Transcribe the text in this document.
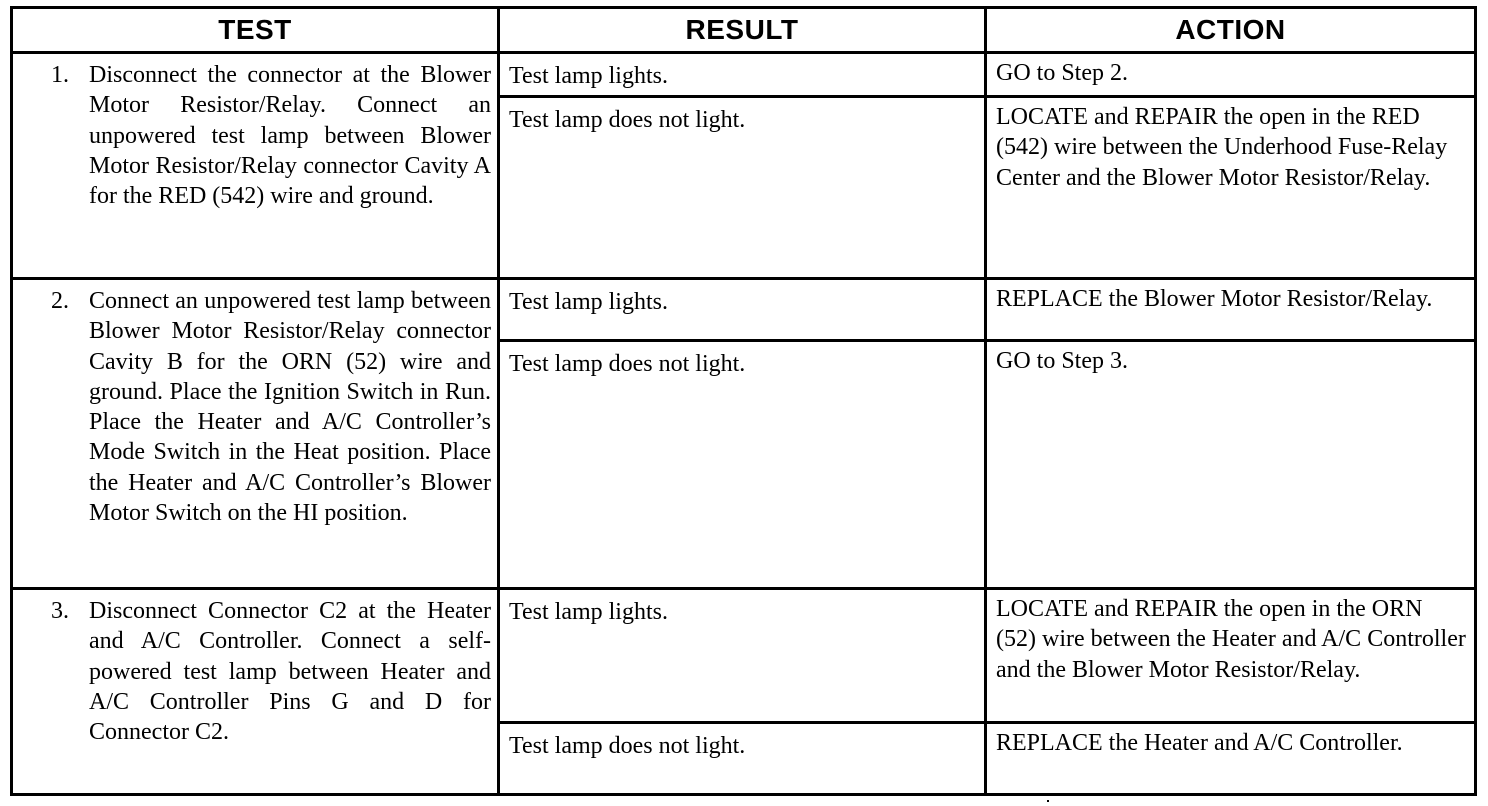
TEST	RESULT	ACTION

1. Disconnect the connector at the Blower Motor Resistor/Relay. Connect an unpowered test lamp between Blower Motor Resistor/Relay connector Cavity A for the RED (542) wire and ground.	Test lamp lights.	GO to Step 2.
	Test lamp does not light.	LOCATE and REPAIR the open in the RED (542) wire between the Underhood Fuse-Relay Center and the Blower Motor Resistor/Relay.

2. Connect an unpowered test lamp between Blower Motor Resistor/Relay connector Cavity B for the ORN (52) wire and ground. Place the Ignition Switch in Run. Place the Heater and A/C Controller’s Mode Switch in the Heat position. Place the Heater and A/C Controller’s Blower Motor Switch on the HI position.	Test lamp lights.	REPLACE the Blower Motor Resistor/Relay.
	Test lamp does not light.	GO to Step 3.

3. Disconnect Connector C2 at the Heater and A/C Controller. Connect a self-powered test lamp between Heater and A/C Controller Pins G and D for Connector C2.	Test lamp lights.	LOCATE and REPAIR the open in the ORN (52) wire between the Heater and A/C Controller and the Blower Motor Resistor/Relay.
	Test lamp does not light.	REPLACE the Heater and A/C Controller.
